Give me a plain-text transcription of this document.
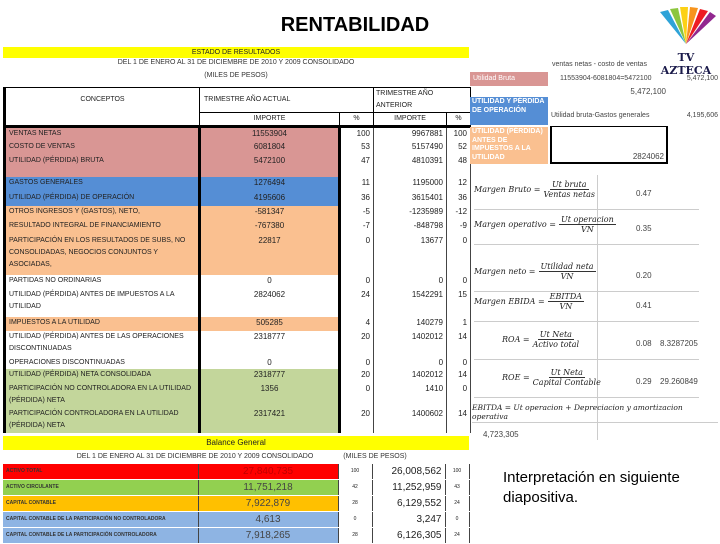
RENTABILIDAD
TV AZTECA
ESTADO DE RESULTADOS
DEL 1 DE ENERO AL 31 DE DICIEMBRE DE 2010 Y 2009 CONSOLIDADO
(MILES DE PESOS)
CONCEPTOS	TRIMESTRE AÑO ACTUAL		TRIMESTRE AÑO ANTERIOR	
	IMPORTE	%	IMPORTE	%
VENTAS NETAS	11553904	100	9967881	100
COSTO DE VENTAS	6081804	53	5157490	52
UTILIDAD (PÉRDIDA) BRUTA	5472100	47	4810391	48

GASTOS GENERALES	1276494	11	1195000	12
UTILIDAD (PÉRDIDA) DE OPERACIÓN	4195606	36	3615401	36
OTROS INGRESOS Y (GASTOS), NETO,	-581347	-5	-1235989	-12
RESULTADO INTEGRAL DE FINANCIAMIENTO	-767380	-7	-848798	-9
PARTICIPACIÓN EN LOS RESULTADOS DE SUBS, NO CONSOLIDADAS, NEGOCIOS CONJUNTOS Y ASOCIADAS,	22817	0	13677	0
PARTIDAS NO ORDINARIAS	0	0	0	0
UTILIDAD (PÉRDIDA) ANTES DE IMPUESTOS A LA UTILIDAD	2824062	24	1542291	15
IMPUESTOS A LA UTILIDAD	505285	4	140279	1
UTILIDAD (PÉRDIDA) ANTES DE LAS OPERACIONES DISCONTINUADAS	2318777	20	1402012	14
OPERACIONES DISCONTINUADAS	0	0	0	0
UTILIDAD (PÉRDIDA) NETA CONSOLIDADA	2318777	20	1402012	14
PARTICIPACIÓN NO CONTROLADORA EN LA UTILIDAD (PÉRDIDA) NETA	1356	0	1410	0
PARTICIPACIÓN CONTROLADORA EN LA UTILIDAD (PÉRDIDA) NETA	2317421	20	1400602	14
Balance General
DEL 1 DE ENERO AL 31 DE DICIEMBRE DE 2010 Y 2009 CONSOLIDADO	(MILES DE PESOS)
ACTIVO TOTAL	27,840,735	100	26,008,562	100
ACTIVO CIRCULANTE	11,751,218	42	11,252,959	43
CAPITAL CONTABLE	7,922,879	28	6,129,552	24
CAPITAL CONTABLE DE LA PARTICIPACIÓN NO CONTROLADORA	4,613	0	3,247	0
CAPITAL CONTABLE DE LA PARTICIPACIÓN CONTROLADORA	7,918,265	28	6,126,305	24
ventas netas - costo de ventas
Utilidad Bruta	11553904-6081804=5472100	5,472,100
5,472,100
UTILIDAD Y PÉRDIDA DE OPERACIÓN
Utilidad bruta-Gastos generales	4,195,606
UTILIDAD (PÉRDIDA) ANTES DE IMPUESTOS A LA UTILIDAD	2824062
Margen Bruto = $\frac{\text{Ut bruta}}{\text{Ventas netas}}$	0.47
Margen operativo = $\frac{\text{Ut operacion}}{VN}$	0.35
Margen neto = $\frac{\text{Utilidad neta}}{VN}$	0.20
Margen EBIDA = $\frac{\text{EBITDA}}{VN}$	0.41
ROA = $\frac{\text{Ut Neta}}{\text{Activo total}}$	0.08 8.3287205
ROE = $\frac{\text{Ut Neta}}{\text{Capital Contable}}$	0.29 29.260849
EBITDA = Ut operacion + Depreciacion y amortizacion operativa
4,723,305
Interpretación en siguiente diapositiva.
